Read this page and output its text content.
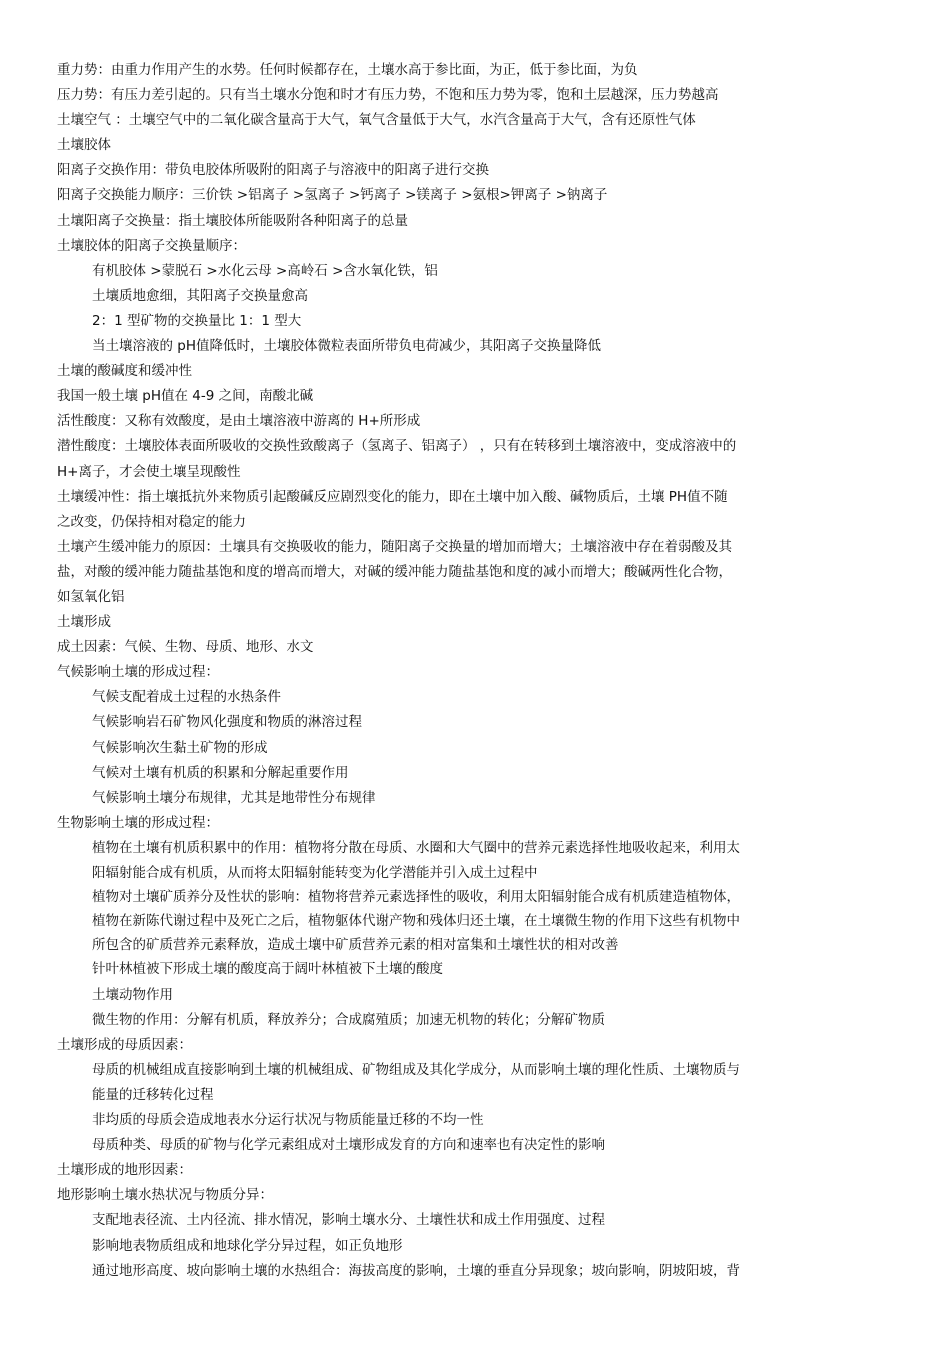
重力势：由重力作用产生的水势。任何时候都存在，土壤水高于参比面，为正，低于参比面，为负
压力势：有压力差引起的。只有当土壤水分饱和时才有压力势，不饱和压力势为零，饱和土层越深，压力势越高
土壤空气 ：土壤空气中的二氧化碳含量高于大气，氧气含量低于大气，水汽含量高于大气，含有还原性气体
土壤胶体
阳离子交换作用：带负电胶体所吸附的阳离子与溶液中的阳离子进行交换
阳离子交换能力顺序：三价铁 >铝离子 >氢离子 >钙离子 >镁离子 >氨根>钾离子 >钠离子
土壤阳离子交换量：指土壤胶体所能吸附各种阳离子的总量
土壤胶体的阳离子交换量顺序：
有机胶体 >蒙脱石 >水化云母 >高岭石 >含水氧化铁，铝
土壤质地愈细，其阳离子交换量愈高
2：1 型矿物的交换量比 1：1 型大
当土壤溶液的 pH值降低时，土壤胶体微粒表面所带负电荷减少，其阳离子交换量降低
土壤的酸碱度和缓冲性
我国一般土壤 pH值在 4-9 之间，南酸北碱
活性酸度：又称有效酸度，是由土壤溶液中游离的 H+所形成
潜性酸度：土壤胶体表面所吸收的交换性致酸离子（氢离子、铝离子） ，只有在转移到土壤溶液中，变成溶液中的
H+离子，才会使土壤呈现酸性
土壤缓冲性：指土壤抵抗外来物质引起酸碱反应剧烈变化的能力，即在土壤中加入酸、碱物质后，土壤 PH值不随
之改变，仍保持相对稳定的能力
土壤产生缓冲能力的原因：土壤具有交换吸收的能力，随阳离子交换量的增加而增大；土壤溶液中存在着弱酸及其
盐，对酸的缓冲能力随盐基饱和度的增高而增大，对碱的缓冲能力随盐基饱和度的减小而增大；酸碱两性化合物，
如氢氧化铝
土壤形成
成土因素：气候、生物、母质、地形、水文
气候影响土壤的形成过程：
气候支配着成土过程的水热条件
气候影响岩石矿物风化强度和物质的淋溶过程
气候影响次生黏土矿物的形成
气候对土壤有机质的积累和分解起重要作用
气候影响土壤分布规律，尤其是地带性分布规律
生物影响土壤的形成过程：
植物在土壤有机质积累中的作用：植物将分散在母质、水圈和大气圈中的营养元素选择性地吸收起来，利用太
阳辐射能合成有机质，从而将太阳辐射能转变为化学潜能并引入成土过程中
植物对土壤矿质养分及性状的影响：植物将营养元素选择性的吸收，利用太阳辐射能合成有机质建造植物体，
植物在新陈代谢过程中及死亡之后，植物躯体代谢产物和残体归还土壤，在土壤微生物的作用下这些有机物中
所包含的矿质营养元素释放，造成土壤中矿质营养元素的相对富集和土壤性状的相对改善
针叶林植被下形成土壤的酸度高于阔叶林植被下土壤的酸度
土壤动物作用
微生物的作用：分解有机质，释放养分；合成腐殖质；加速无机物的转化；分解矿物质
土壤形成的母质因素：
母质的机械组成直接影响到土壤的机械组成、矿物组成及其化学成分，从而影响土壤的理化性质、土壤物质与
能量的迁移转化过程
非均质的母质会造成地表水分运行状况与物质能量迁移的不均一性
母质种类、母质的矿物与化学元素组成对土壤形成发育的方向和速率也有决定性的影响
土壤形成的地形因素：
地形影响土壤水热状况与物质分异：
支配地表径流、土内径流、排水情况，影响土壤水分、土壤性状和成土作用强度、过程
影响地表物质组成和地球化学分异过程，如正负地形
通过地形高度、坡向影响土壤的水热组合：海拔高度的影响，土壤的垂直分异现象；坡向影响，阴坡阳坡，背
